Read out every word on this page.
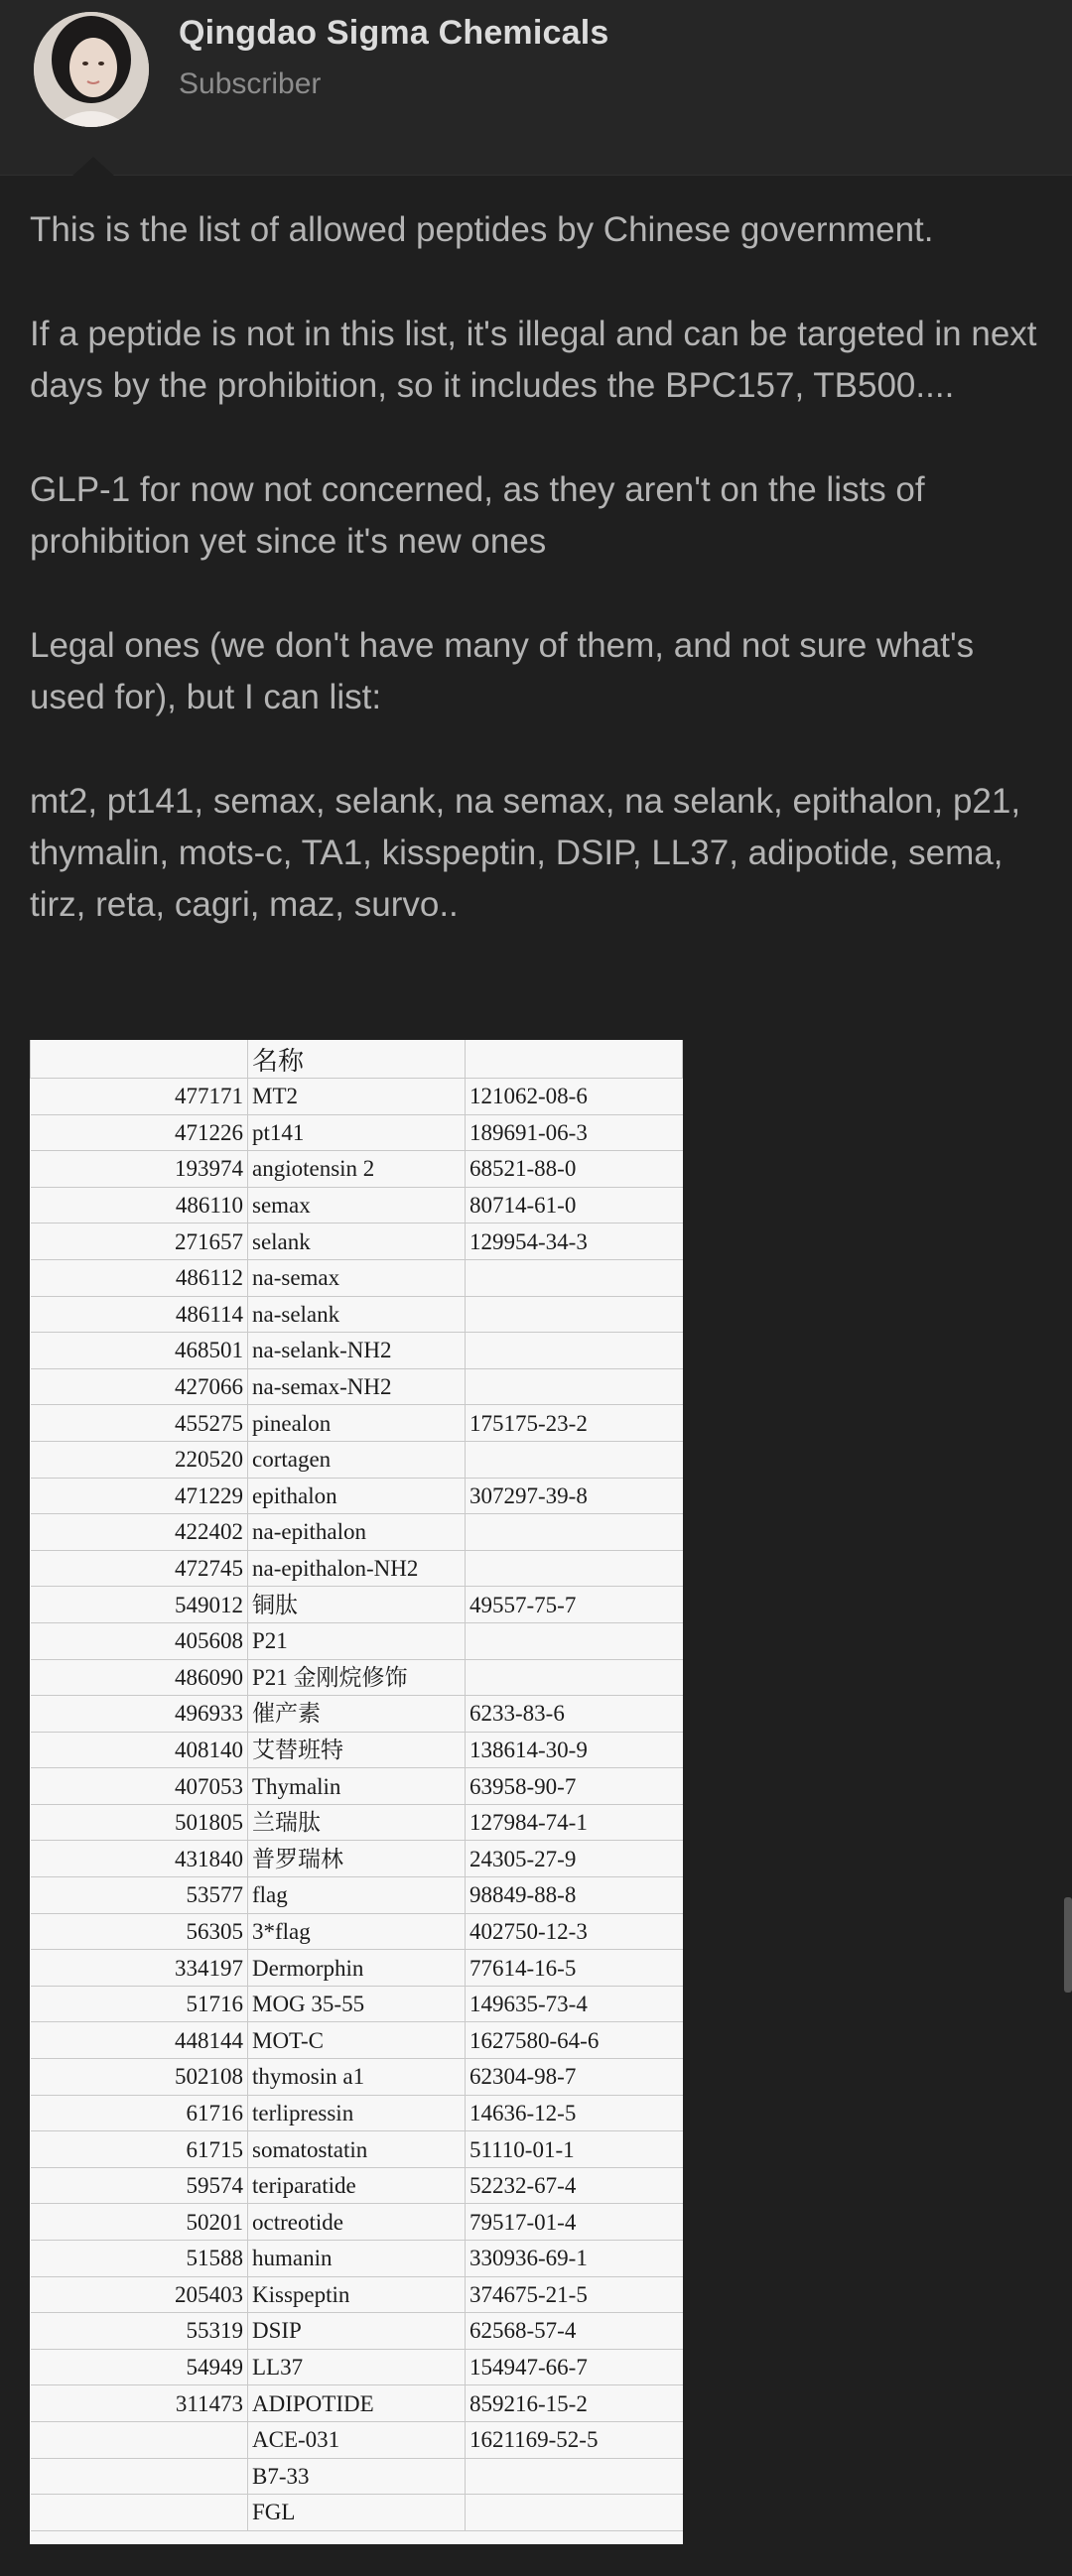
Qingdao Sigma Chemicals
Subscriber

This is the list of allowed peptides by Chinese government.

If a peptide is not in this list, it's illegal and can be targeted in next days by the prohibition, so it includes the BPC157, TB500....

GLP-1 for now not concerned, as they aren't on the lists of prohibition yet since it's new ones

Legal ones (we don't have many of them, and not sure what's used for), but I can list:

mt2, pt141, semax, selank, na semax, na selank, epithalon, p21, thymalin, mots-c, TA1, kisspeptin, DSIP, LL37, adipotide, sema, tirz, reta, cagri, maz, survo..

	名称	
477171	MT2	121062-08-6
471226	pt141	189691-06-3
193974	angiotensin 2	68521-88-0
486110	semax	80714-61-0
271657	selank	129954-34-3
486112	na-semax	
486114	na-selank	
468501	na-selank-NH2	
427066	na-semax-NH2	
455275	pinealon	175175-23-2
220520	cortagen	
471229	epithalon	307297-39-8
422402	na-epithalon	
472745	na-epithalon-NH2	
549012	铜肽	49557-75-7
405608	P21	
486090	P21 金刚烷修饰	
496933	催产素	6233-83-6
408140	艾替班特	138614-30-9
407053	Thymalin	63958-90-7
501805	兰瑞肽	127984-74-1
431840	普罗瑞林	24305-27-9
53577	flag	98849-88-8
56305	3*flag	402750-12-3
334197	Dermorphin	77614-16-5
51716	MOG 35-55	149635-73-4
448144	MOT-C	1627580-64-6
502108	thymosin a1	62304-98-7
61716	terlipressin	14636-12-5
61715	somatostatin	51110-01-1
59574	teriparatide	52232-67-4
50201	octreotide	79517-01-4
51588	humanin	330936-69-1
205403	Kisspeptin	374675-21-5
55319	DSIP	62568-57-4
54949	LL37	154947-66-7
311473	ADIPOTIDE	859216-15-2
	ACE-031	1621169-52-5
	B7-33	
	FGL	
